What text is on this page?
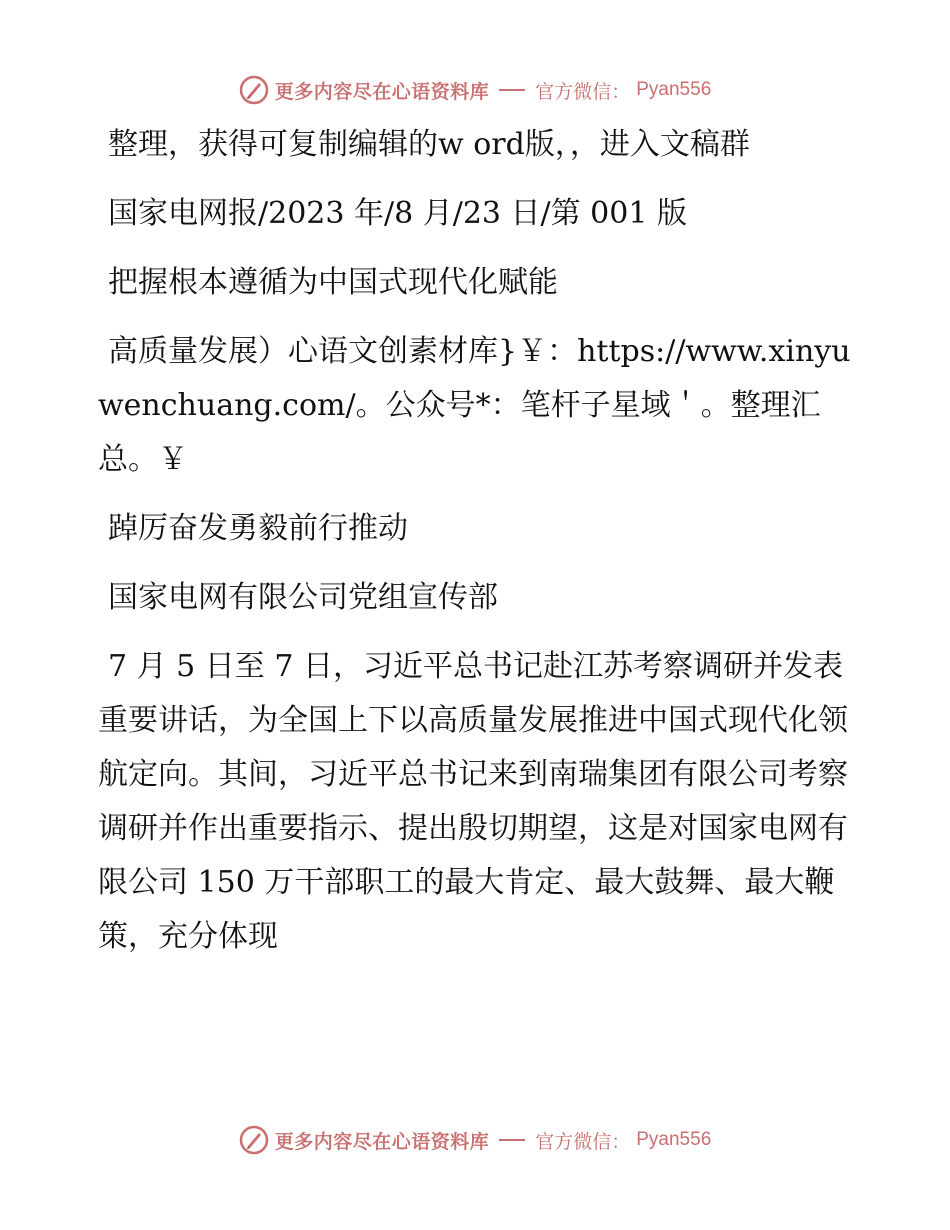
更多内容尽在心语资料库 官方微信： Pyan556

整理，获得可复制编辑的w ord版，，进入文稿群

国家电网报/2023 年/8 月/23 日/第 001 版

把握根本遵循为中国式现代化赋能

高质量发展）心语文创素材库}￥：https://www.xinyuwenchuang.com/。公众号*：笔杆子星域＇。整理汇总。￥

踔厉奋发勇毅前行推动

国家电网有限公司党组宣传部

7 月 5 日至 7 日，习近平总书记赴江苏考察调研并发表重要讲话，为全国上下以高质量发展推进中国式现代化领航定向。其间，习近平总书记来到南瑞集团有限公司考察调研并作出重要指示、提出殷切期望，这是对国家电网有限公司 150 万干部职工的最大肯定、最大鼓舞、最大鞭策，充分体现

更多内容尽在心语资料库 官方微信： Pyan556
